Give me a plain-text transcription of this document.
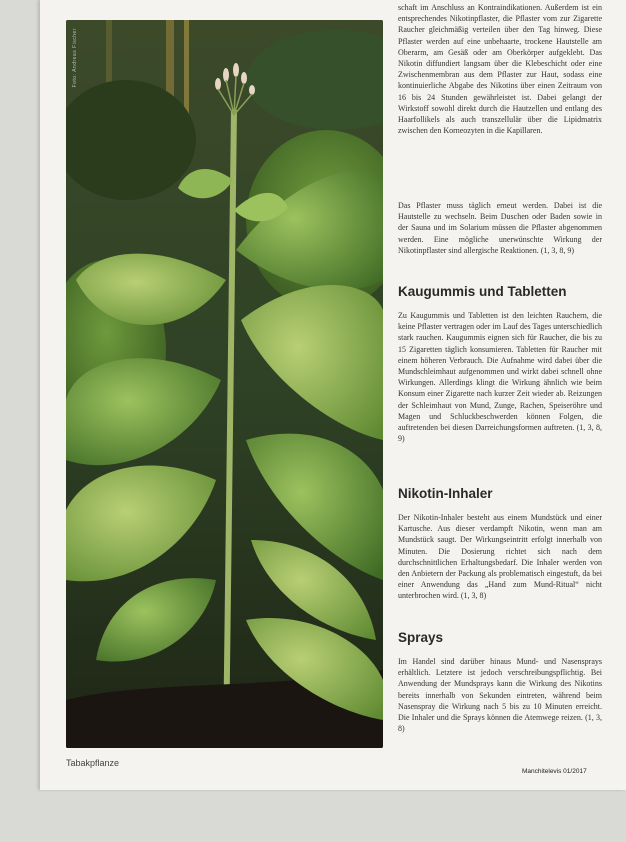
Foto: Andreas Fischer
Tabakpflanze
Manchitelevis 01/2017

schaft im Anschluss an Kontraindikationen. Außerdem ist ein entsprechendes Nikotinpflaster, die Pflaster vom zur Zigarette Raucher gleichmäßig verteilen über den Tag hinweg. Diese Pflaster werden auf eine unbehaarte, trockene Hautstelle am Oberarm, am Gesäß oder am Oberkörper aufgeklebt. Das Nikotin diffundiert langsam über die Klebeschicht oder eine Zwischenmembran aus dem Pflaster zur Haut, sodass eine kontinuierliche Abgabe des Nikotins über einen Zeitraum von 16 bis 24 Stunden gewährleistet ist. Dabei gelangt der Wirkstoff sowohl direkt durch die Hautzellen und entlang des Haarfollikels als auch transzellulär über die Lipidmatrix zwischen den Korneozyten in die Kapillaren.

Das Pflaster muss täglich erneut werden. Dabei ist die Hautstelle zu wechseln. Beim Duschen oder Baden sowie in der Sauna und im Solarium müssen die Pflaster abgenommen werden. Eine mögliche unerwünschte Wirkung der Nikotinpflaster sind allergische Reaktionen. (1, 3, 8, 9)

Kaugummis und Tabletten

Zu Kaugummis und Tabletten ist den leichten Rauchern, die keine Pflaster vertragen oder im Lauf des Tages unterschiedlich stark rauchen. Kaugummis eignen sich für Raucher, die bis zu 15 Zigaretten täglich konsumieren. Tabletten für Raucher mit einem höheren Verbrauch. Die Aufnahme wird dabei über die Mundschleimhaut aufgenommen und wirkt dabei schnell ohne Wirkungen. Allerdings klingt die Wirkung ähnlich wie beim Konsum einer Zigarette nach kurzer Zeit wieder ab. Reizungen der Schleimhaut von Mund, Zunge, Rachen, Speiseröhre und Magen und Schluckbeschwerden können Folgen, die auftretenden bei diesen Darreichungsformen auftreten. (1, 3, 8, 9)

Nikotin-Inhaler

Der Nikotin-Inhaler besteht aus einem Mundstück und einer Kartusche. Aus dieser verdampft Nikotin, wenn man am Mundstück saugt. Der Wirkungseintritt erfolgt innerhalb von Minuten. Die Dosierung richtet sich nach dem durchschnittlichen Erhaltungsbedarf. Die Inhaler werden von den Anbietern der Packung als problematisch eingestuft, da bei einer Anwendung das „Hand zum Mund-Ritual“ nicht unterbrochen wird. (1, 3, 8)

Sprays

Im Handel sind darüber hinaus Mund- und Nasensprays erhältlich. Letztere ist jedoch verschreibungspflichtig. Bei Anwendung der Mundsprays kann die Wirkung des Nikotins bereits innerhalb von Sekunden eintreten, während beim Nasenspray die Wirkung nach 5 bis zu 10 Minuten erreicht. Die Inhaler und die Sprays können die Atemwege reizen. (1, 3, 8)
